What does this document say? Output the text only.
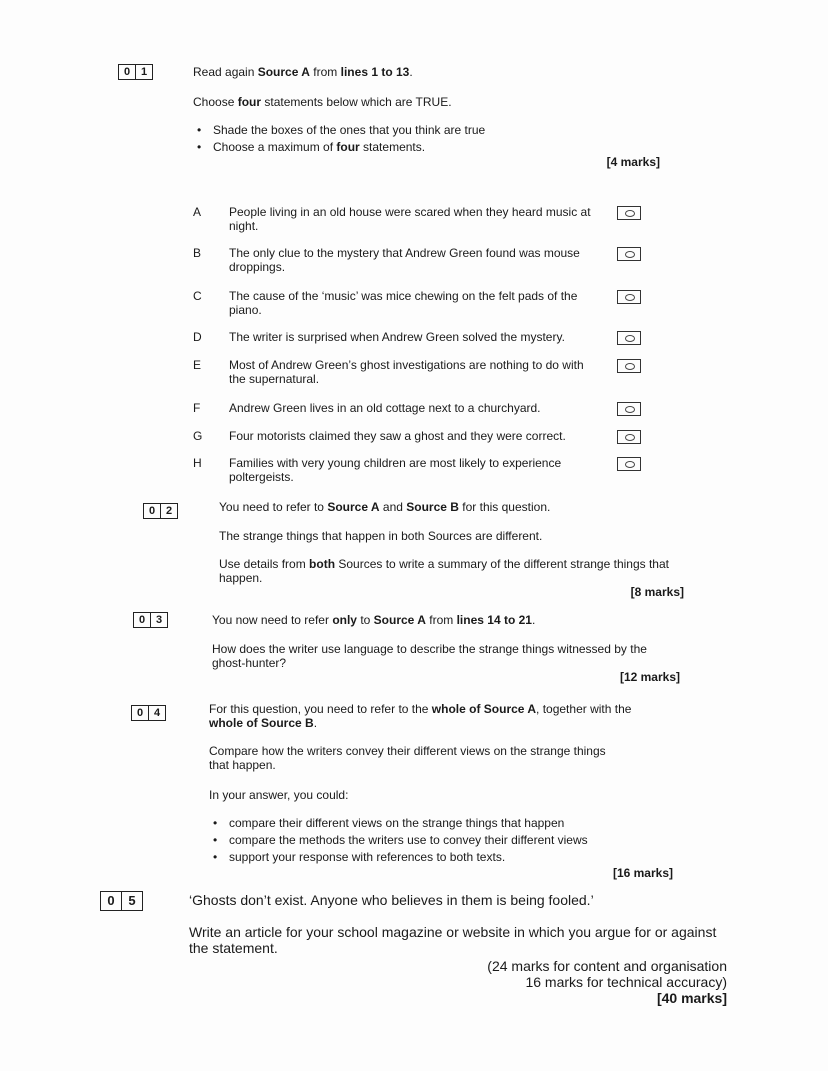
0 1	Read again Source A from lines 1 to 13.
Choose four statements below which are TRUE.
• Shade the boxes of the ones that you think are true
• Choose a maximum of four statements.
[4 marks]
A People living in an old house were scared when they heard music at night.
B The only clue to the mystery that Andrew Green found was mouse droppings.
C The cause of the ‘music’ was mice chewing on the felt pads of the piano.
D The writer is surprised when Andrew Green solved the mystery.
E Most of Andrew Green’s ghost investigations are nothing to do with the supernatural.
F Andrew Green lives in an old cottage next to a churchyard.
G Four motorists claimed they saw a ghost and they were correct.
H Families with very young children are most likely to experience poltergeists.
0 2	You need to refer to Source A and Source B for this question.
The strange things that happen in both Sources are different.
Use details from both Sources to write a summary of the different strange things that
happen.
[8 marks]
0 3	You now need to refer only to Source A from lines 14 to 21.
How does the writer use language to describe the strange things witnessed by the
ghost-hunter?
[12 marks]
0 4	For this question, you need to refer to the whole of Source A, together with the
whole of Source B.
Compare how the writers convey their different views on the strange things
that happen.
In your answer, you could:
• compare their different views on the strange things that happen
• compare the methods the writers use to convey their different views
• support your response with references to both texts.
[16 marks]
0	5	‘Ghosts don’t exist. Anyone who believes in them is being fooled.’
Write an article for your school magazine or website in which you argue for or against
the statement.
(24 marks for content and organisation
16 marks for technical accuracy)
[40 marks]
